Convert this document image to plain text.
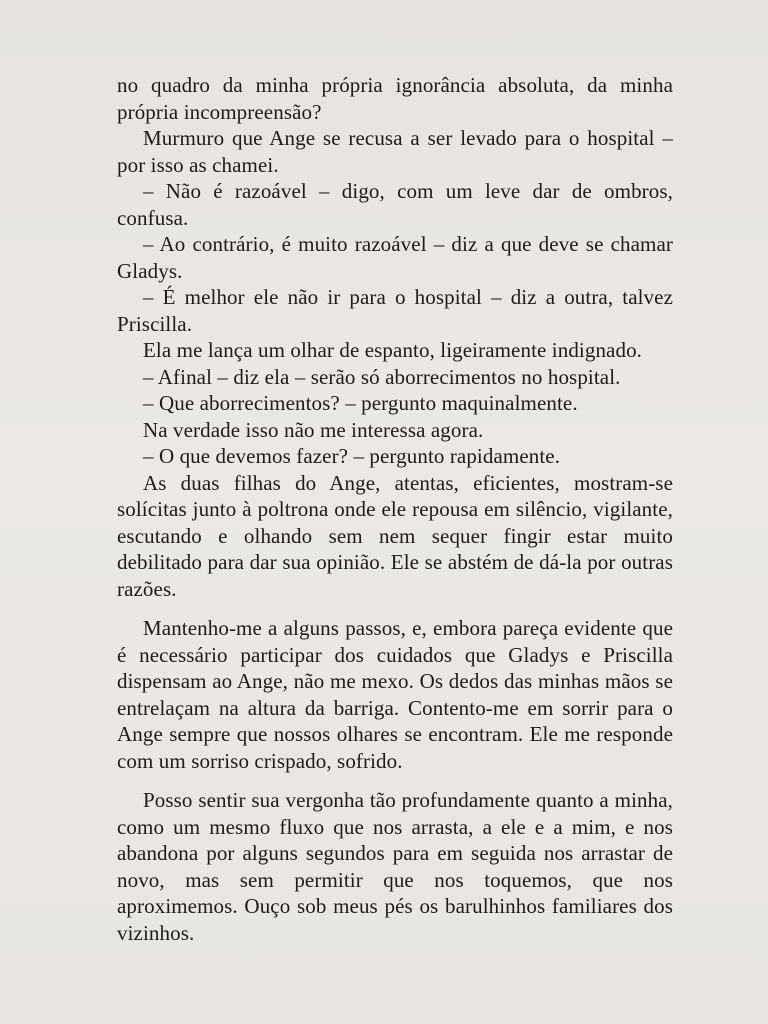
no quadro da minha própria ignorância absoluta, da minha própria incompreensão?

Murmuro que Ange se recusa a ser levado para o hospital – por isso as chamei.

– Não é razoável – digo, com um leve dar de ombros, confusa.

– Ao contrário, é muito razoável – diz a que deve se chamar Gladys.

– É melhor ele não ir para o hospital – diz a outra, talvez Priscilla.

Ela me lança um olhar de espanto, ligeiramente indignado.

– Afinal – diz ela – serão só aborrecimentos no hospital.

– Que aborrecimentos? – pergunto maquinalmente.

Na verdade isso não me interessa agora.

– O que devemos fazer? – pergunto rapidamente.

As duas filhas do Ange, atentas, eficientes, mostram-se solícitas junto à poltrona onde ele repousa em silêncio, vigilante, escutando e olhando sem nem sequer fingir estar muito debilitado para dar sua opinião. Ele se abstém de dá-la por outras razões.

Mantenho-me a alguns passos, e, embora pareça evidente que é necessário participar dos cuidados que Gladys e Priscilla dispensam ao Ange, não me mexo. Os dedos das minhas mãos se entrelaçam na altura da barriga. Contento-me em sorrir para o Ange sempre que nossos olhares se encontram. Ele me responde com um sorriso crispado, sofrido.

Posso sentir sua vergonha tão profundamente quanto a minha, como um mesmo fluxo que nos arrasta, a ele e a mim, e nos abandona por alguns segundos para em seguida nos arrastar de novo, mas sem permitir que nos toquemos, que nos aproximemos. Ouço sob meus pés os barulhinhos familiares dos vizinhos.
